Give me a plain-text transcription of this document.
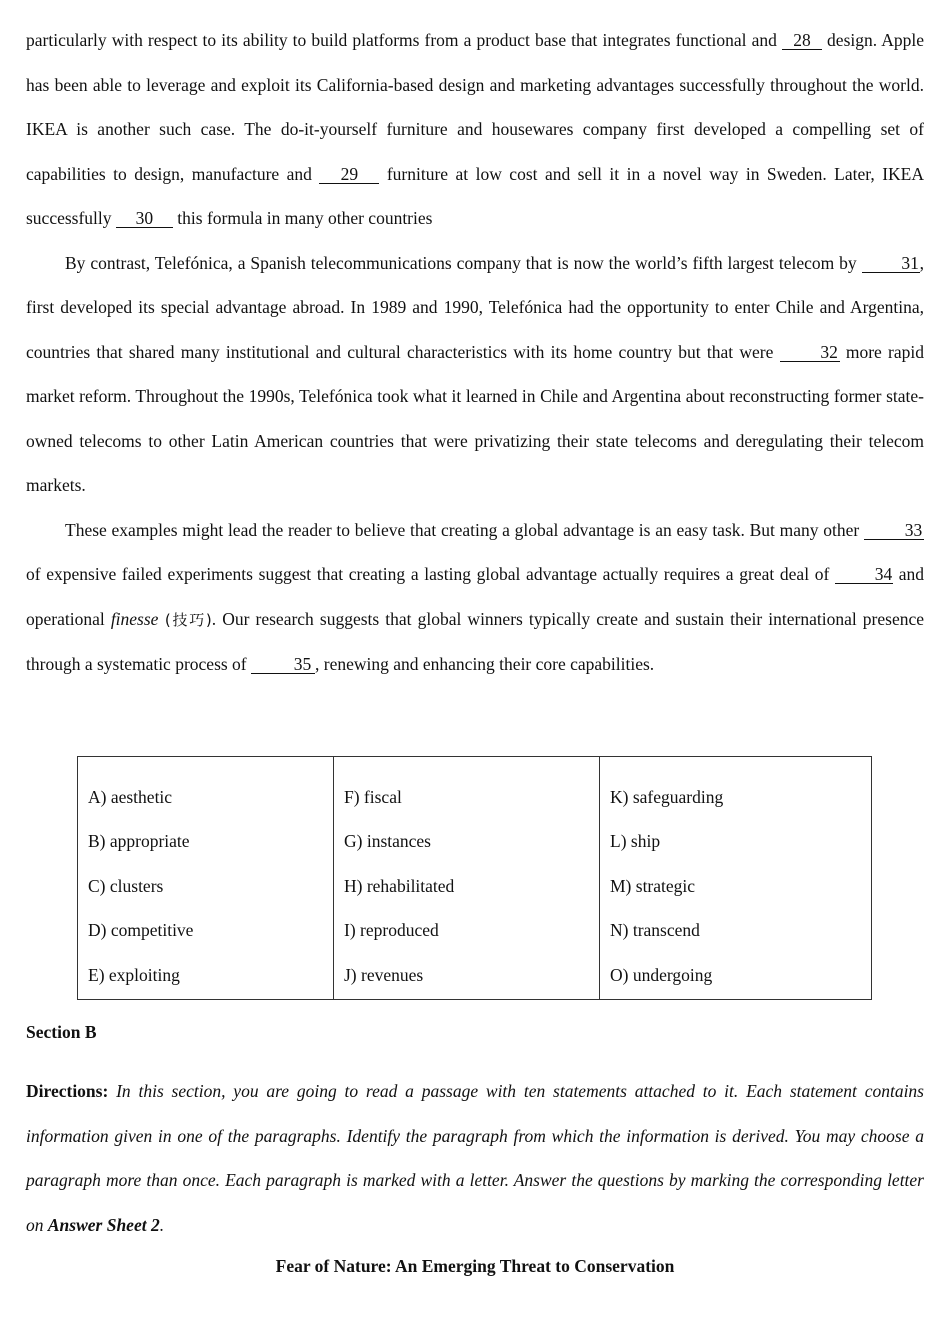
particularly with respect to its ability to build platforms from a product base that integrates functional and 28 design. Apple has been able to leverage and exploit its California-based design and marketing advantages successfully throughout the world. IKEA is another such case. The do-it-yourself furniture and housewares company first developed a compelling set of capabilities to design, manufacture and 29 furniture at low cost and sell it in a novel way in Sweden. Later, IKEA successfully 30 this formula in many other countries

By contrast, Telefónica, a Spanish telecommunications company that is now the world’s fifth largest telecom by 31, first developed its special advantage abroad. In 1989 and 1990, Telefónica had the opportunity to enter Chile and Argentina, countries that shared many institutional and cultural characteristics with its home country but that were 32 more rapid market reform. Throughout the 1990s, Telefónica took what it learned in Chile and Argentina about reconstructing former state-owned telecoms to other Latin American countries that were privatizing their state telecoms and deregulating their telecom markets.

These examples might lead the reader to believe that creating a global advantage is an easy task. But many other 33 of expensive failed experiments suggest that creating a lasting global advantage actually requires a great deal of 34 and operational finesse (技巧). Our research suggests that global winners typically create and sustain their international presence through a systematic process of 35 , renewing and enhancing their core capabilities.

A) aesthetic
B) appropriate
C) clusters
D) competitive
E) exploiting
F) fiscal
G) instances
H) rehabilitated
I) reproduced
J) revenues
K) safeguarding
L) ship
M) strategic
N) transcend
O) undergoing
Section B
Directions: In this section, you are going to read a passage with ten statements attached to it. Each statement contains information given in one of the paragraphs. Identify the paragraph from which the information is derived. You may choose a paragraph more than once. Each paragraph is marked with a letter. Answer the questions by marking the corresponding letter on Answer Sheet 2.
Fear of Nature: An Emerging Threat to Conservation
